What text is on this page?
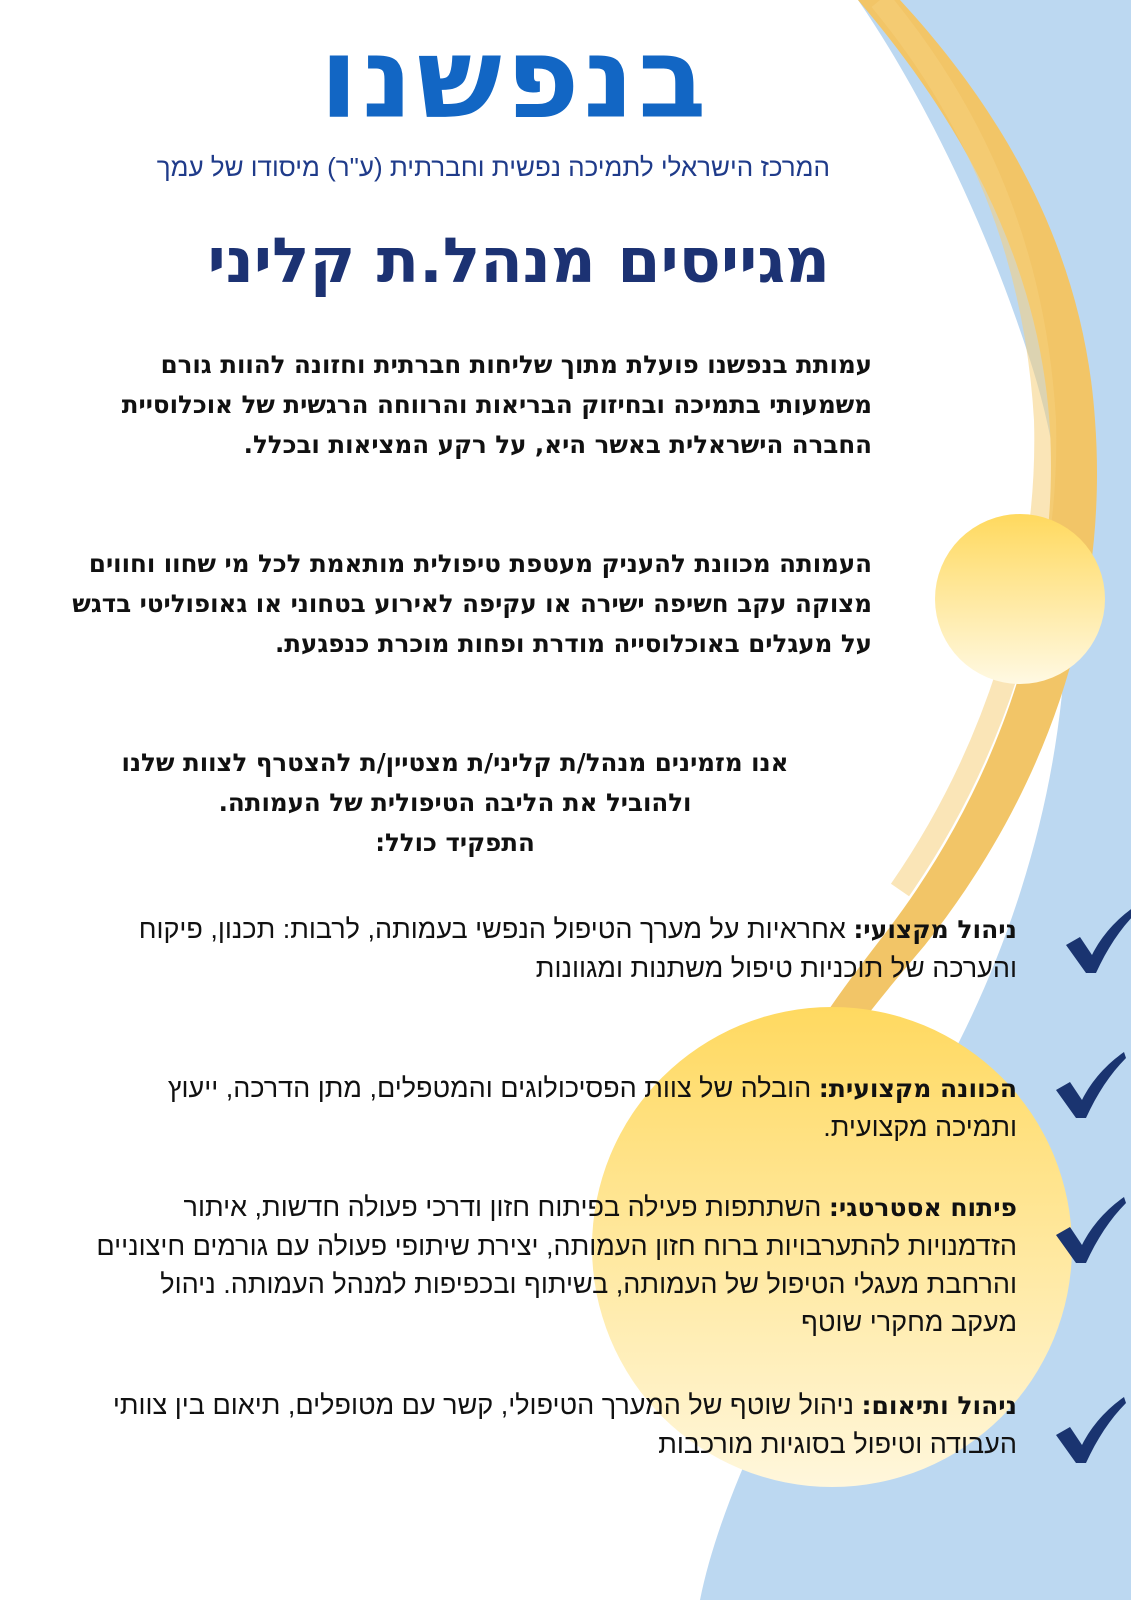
בנפשנו
המרכז הישראלי לתמיכה נפשית וחברתית (ע"ר) מיסודו של עמך
מגייסים מנהל.ת קליני
עמותת בנפשנו פועלת מתוך שליחות חברתית וחזונה להוות גורם משמעותי בתמיכה ובחיזוק הבריאות והרווחה הרגשית של אוכלוסיית החברה הישראלית באשר היא, על רקע המציאות ובכלל.
העמותה מכוונת להעניק מעטפת טיפולית מותאמת לכל מי שחוו וחווים מצוקה עקב חשיפה ישירה או עקיפה לאירוע בטחוני או גאופוליטי בדגש על מעגלים באוכלוסייה מודרת ופחות מוכרת כנפגעת.
אנו מזמינים מנהל/ת קליני/ת מצטיין/ת להצטרף לצוות שלנו
ולהוביל את הליבה הטיפולית של העמותה.
התפקיד כולל:
ניהול מקצועי: אחראיות על מערך הטיפול הנפשי בעמותה, לרבות: תכנון, פיקוח והערכה של תוכניות טיפול משתנות ומגוונות
הכוונה מקצועית: הובלה של צוות הפסיכולוגים והמטפלים, מתן הדרכה, ייעוץ ותמיכה מקצועית.
פיתוח אסטרטגי: השתתפות פעילה בפיתוח חזון ודרכי פעולה חדשות, איתור הזדמנויות להתערבויות ברוח חזון העמותה, יצירת שיתופי פעולה עם גורמים חיצוניים והרחבת מעגלי הטיפול של העמותה, בשיתוף ובכפיפות למנהל העמותה. ניהול מעקב מחקרי שוטף
ניהול ותיאום: ניהול שוטף של המערך הטיפולי, קשר עם מטופלים, תיאום בין צוותי העבודה וטיפול בסוגיות מורכבות
